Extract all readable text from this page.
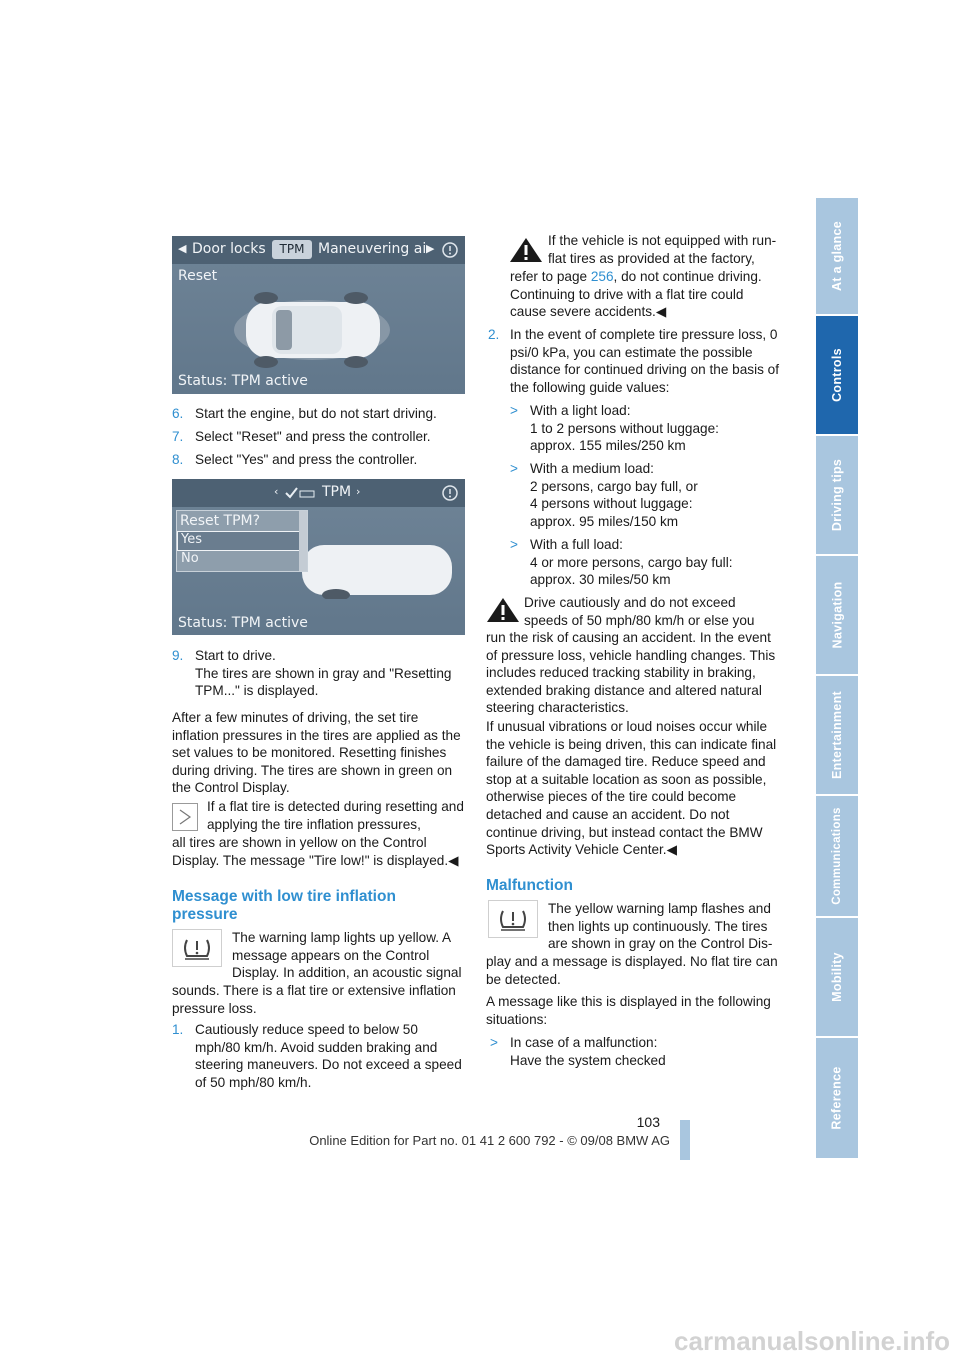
At a glance
Controls
Driving tips
Navigation
Entertainment
Communications
Mobility
Reference
◀ Door locks	TPM Maneuvering ai ▶
Reset
Status: TPM active
6. Start the engine, but do not start driving.
7. Select "Reset" and press the controller.
8. Select "Yes" and press the controller.
‹	TPM ›
Reset TPM?
Yes
No
Status: TPM active
9. Start to drive.

The tires are shown in gray and "Resetting TPM..." is displayed.

After a few minutes of driving, the set tire inflation pressures in the tires are applied as the set values to be monitored. Resetting finishes during driving. The tires are shown in green on the Control Display.

If a flat tire is detected during resetting and applying the tire inflation pressures,

all tires are shown in yellow on the Control Display. The message "Tire low!" is displayed.◀

Message with low tire inflation pressure

The warning lamp lights up yellow. A message appears on the Control Display. In addition, an acoustic signal

sounds. There is a flat tire or extensive inflation pressure loss.

1. Cautiously reduce speed to below 50 mph/80 km/h. Avoid sudden braking and steering maneuvers. Do not exceed a speed of 50 mph/80 km/h.

If the vehicle is not equipped with run-flat tires as provided at the factory,

refer to page 256, do not continue driving. Continuing to drive with a flat tire could cause severe accidents.◀

2. In the event of complete tire pressure loss, 0 psi/0 kPa, you can estimate the possible distance for continued driving on the basis of the following guide values:

> With a light load:

1 to 2 persons without luggage:

approx. 155 miles/250 km

> With a medium load:

2 persons, cargo bay full, or

4 persons without luggage:

approx. 95 miles/150 km

> With a full load:

4 or more persons, cargo bay full:

approx. 30 miles/50 km

Drive cautiously and do not exceed speeds of 50 mph/80 km/h or else you

run the risk of causing an accident. In the event of pressure loss, vehicle handling changes. This includes reduced tracking stability in braking, extended braking distance and altered natural steering characteristics.

If unusual vibrations or loud noises occur while the vehicle is being driven, this can indicate final failure of the damaged tire. Reduce speed and stop at a suitable location as soon as possible, otherwise pieces of the tire could become detached and cause an accident. Do not continue driving, but instead contact the BMW Sports Activity Vehicle Center.◀

Malfunction

The yellow warning lamp flashes and then lights up continuously. The tires are shown in gray on the Control Dis-

play and a message is displayed. No flat tire can be detected.

A message like this is displayed in the following situations:

> In case of a malfunction:

Have the system checked

103
Online Edition for Part no. 01 41 2 600 792 - © 09/08 BMW AG
carmanualsonline.info
